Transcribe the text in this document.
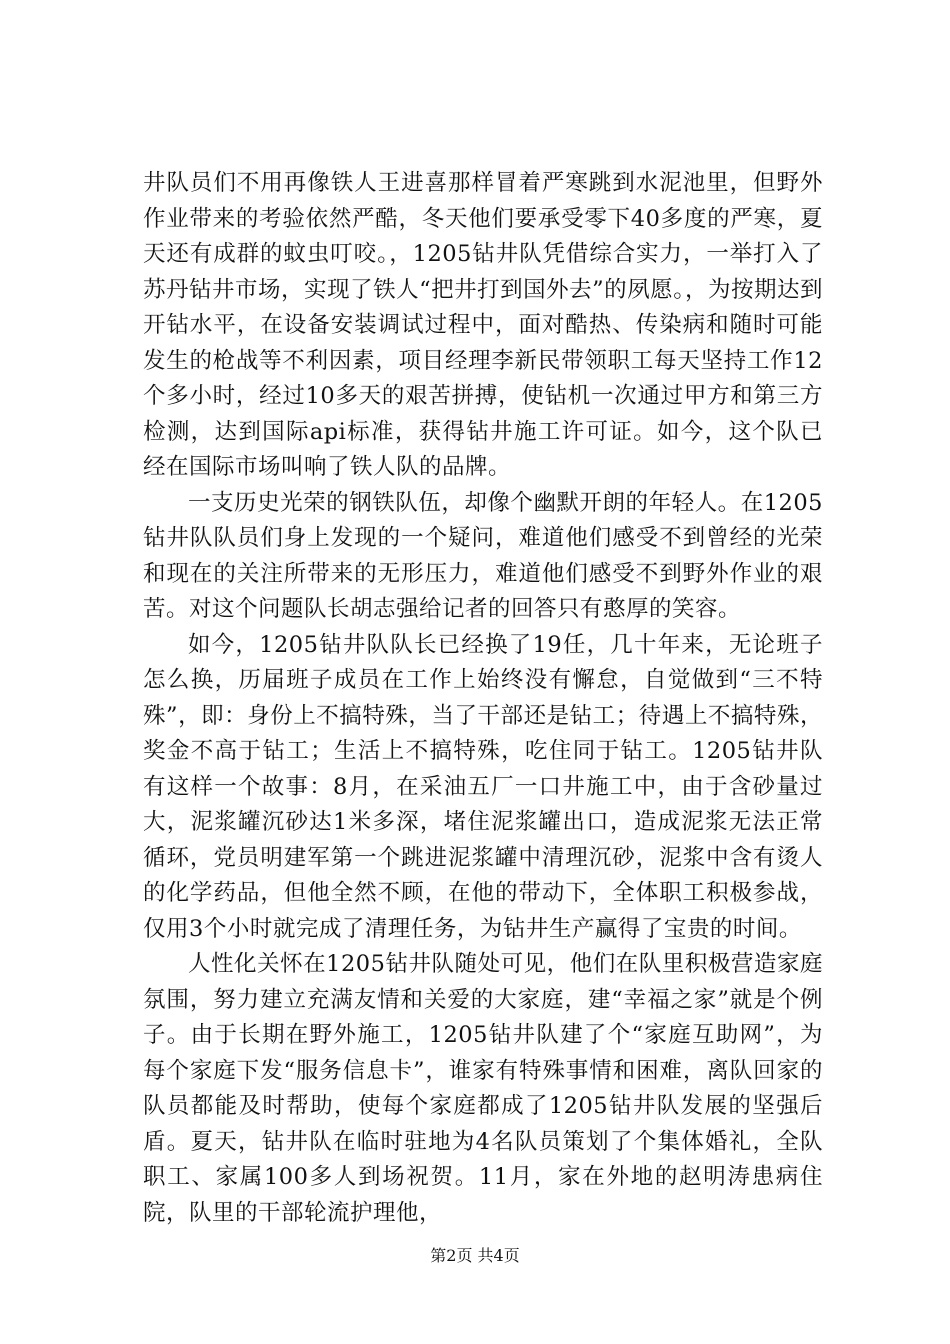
井队员们不用再像铁人王进喜那样冒着严寒跳到水泥池里，但野外作业带来的考验依然严酷，冬天他们要承受零下40多度的严寒，夏天还有成群的蚊虫叮咬。，1205钻井队凭借综合实力，一举打入了苏丹钻井市场，实现了铁人“把井打到国外去”的夙愿。，为按期达到开钻水平，在设备安装调试过程中，面对酷热、传染病和随时可能发生的枪战等不利因素，项目经理李新民带领职工每天坚持工作12个多小时，经过10多天的艰苦拼搏，使钻机一次通过甲方和第三方检测，达到国际api标准，获得钻井施工许可证。如今，这个队已经在国际市场叫响了铁人队的品牌。

一支历史光荣的钢铁队伍，却像个幽默开朗的年轻人。在1205钻井队队员们身上发现的一个疑问，难道他们感受不到曾经的光荣和现在的关注所带来的无形压力，难道他们感受不到野外作业的艰苦。对这个问题队长胡志强给记者的回答只有憨厚的笑容。

如今，1205钻井队队长已经换了19任，几十年来，无论班子怎么换，历届班子成员在工作上始终没有懈怠，自觉做到“三不特殊”，即：身份上不搞特殊，当了干部还是钻工；待遇上不搞特殊，奖金不高于钻工；生活上不搞特殊，吃住同于钻工。1205钻井队有这样一个故事：8月，在采油五厂一口井施工中，由于含砂量过大，泥浆罐沉砂达1米多深，堵住泥浆罐出口，造成泥浆无法正常循环，党员明建军第一个跳进泥浆罐中清理沉砂，泥浆中含有烫人的化学药品，但他全然不顾，在他的带动下，全体职工积极参战，仅用3个小时就完成了清理任务，为钻井生产赢得了宝贵的时间。

人性化关怀在1205钻井队随处可见，他们在队里积极营造家庭氛围，努力建立充满友情和关爱的大家庭，建“幸福之家”就是个例子。由于长期在野外施工，1205钻井队建了个“家庭互助网”，为每个家庭下发“服务信息卡”，谁家有特殊事情和困难，离队回家的队员都能及时帮助，使每个家庭都成了1205钻井队发展的坚强后盾。夏天，钻井队在临时驻地为4名队员策划了个集体婚礼，全队职工、家属100多人到场祝贺。11月，家在外地的赵明涛患病住院，队里的干部轮流护理他，

第2页 共4页
